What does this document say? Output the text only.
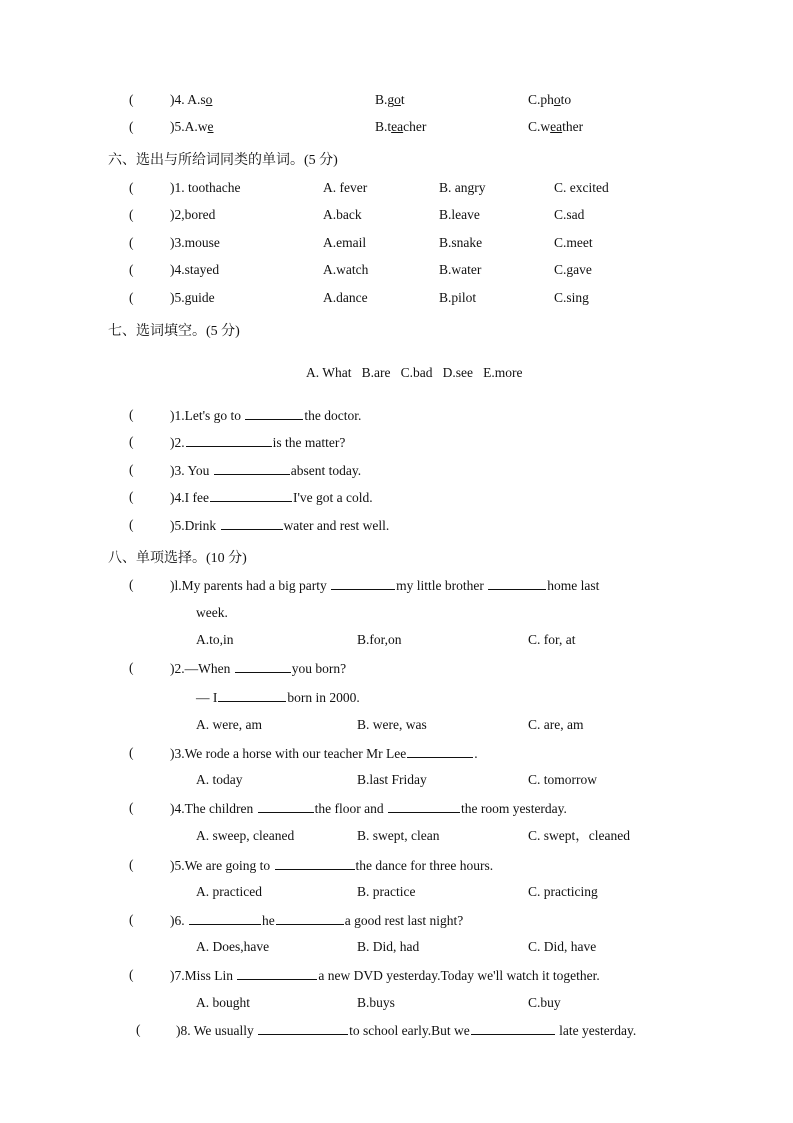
(	)4. A.so	B.got	C.photo
(	)5.A.we	B.teacher	C.weather
六、选出与所给词同类的单词。(5 分)
(	)1. toothache	A. fever	B. angry	C. excited
(	)2,bored	A.back	B.leave	C.sad
(	)3.mouse	A.email	B.snake	C.meet
(	)4.stayed	A.watch	B.water	C.gave
(	)5.guide	A.dance	B.pilot	C.sing
七、选词填空。(5 分)
A. What   B.are   C.bad   D.see   E.more
(	)1.Let's go to	the doctor.
(	)2.	is the matter?
(	)3. You	absent today.
(	)4.I fee	I've got a cold.
(	)5.Drink	water and rest well.
八、单项选择。(10 分)
(	)l.My parents had a big party	my little brother	home last
week.
A.to,in	B.for,on	C. for, at
(	)2.—When	you born?
— I	born in 2000.
A. were, am	B. were, was	C. are, am
(	)3.We rode a horse with our teacher Mr Lee	.
A. today	B.last Friday	C. tomorrow
(	)4.The children	the floor and	the room yesterday.
A. sweep, cleaned	B. swept, clean	C. swept，cleaned
(	)5.We are going to	the dance for three hours.
A. practiced	B. practice	C. practicing
(	)6.	he	a good rest last night?
A. Does,have	B. Did, had	C. Did, have
(	)7.Miss Lin	a new DVD yesterday.Today we'll watch it together.
A. bought	B.buys	C.buy
(	)8. We usually	to school early.But we	late yesterday.
